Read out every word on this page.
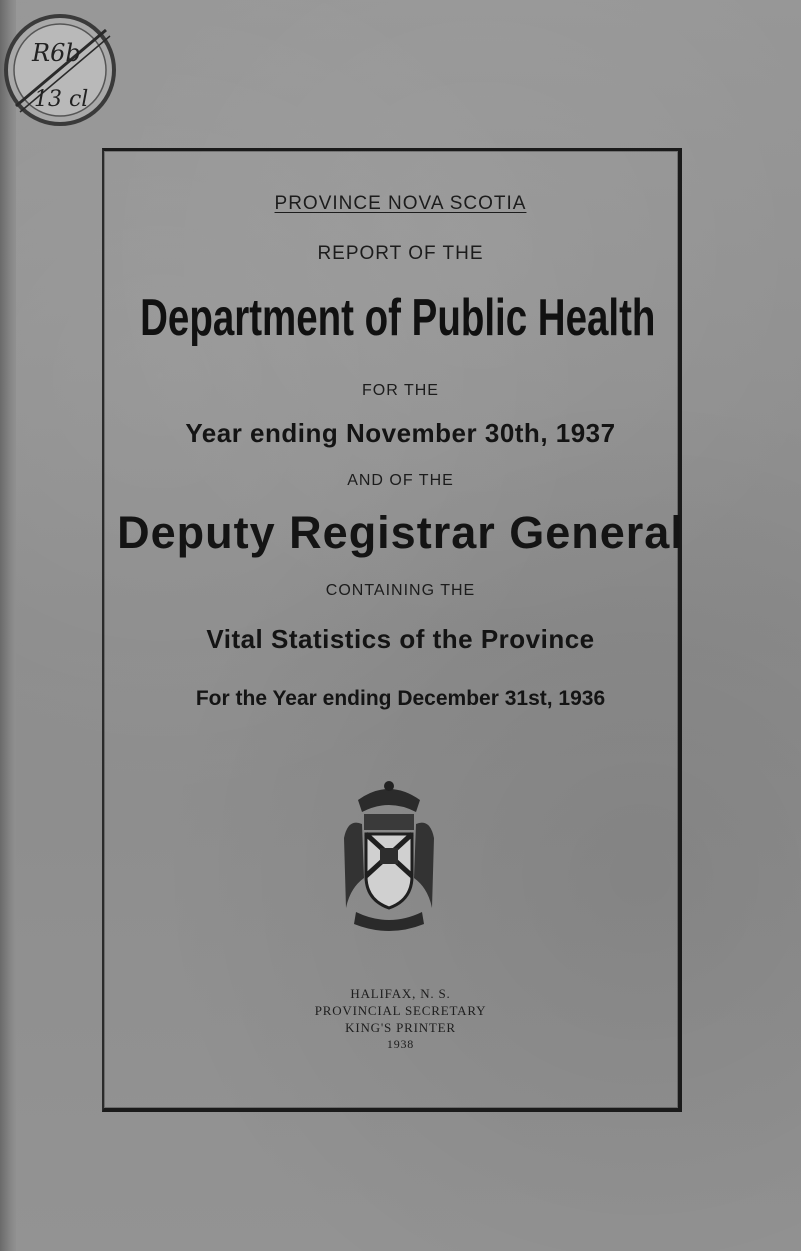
R6b
13 cl

PROVINCE NOVA SCOTIA

REPORT OF THE

Department of Public Health

FOR THE

Year ending November 30th, 1937

AND OF THE

Deputy Registrar General

CONTAINING THE

Vital Statistics of the Province

For the Year ending December 31st, 1936

HALIFAX, N. S.
PROVINCIAL SECRETARY
KING'S PRINTER
1938
